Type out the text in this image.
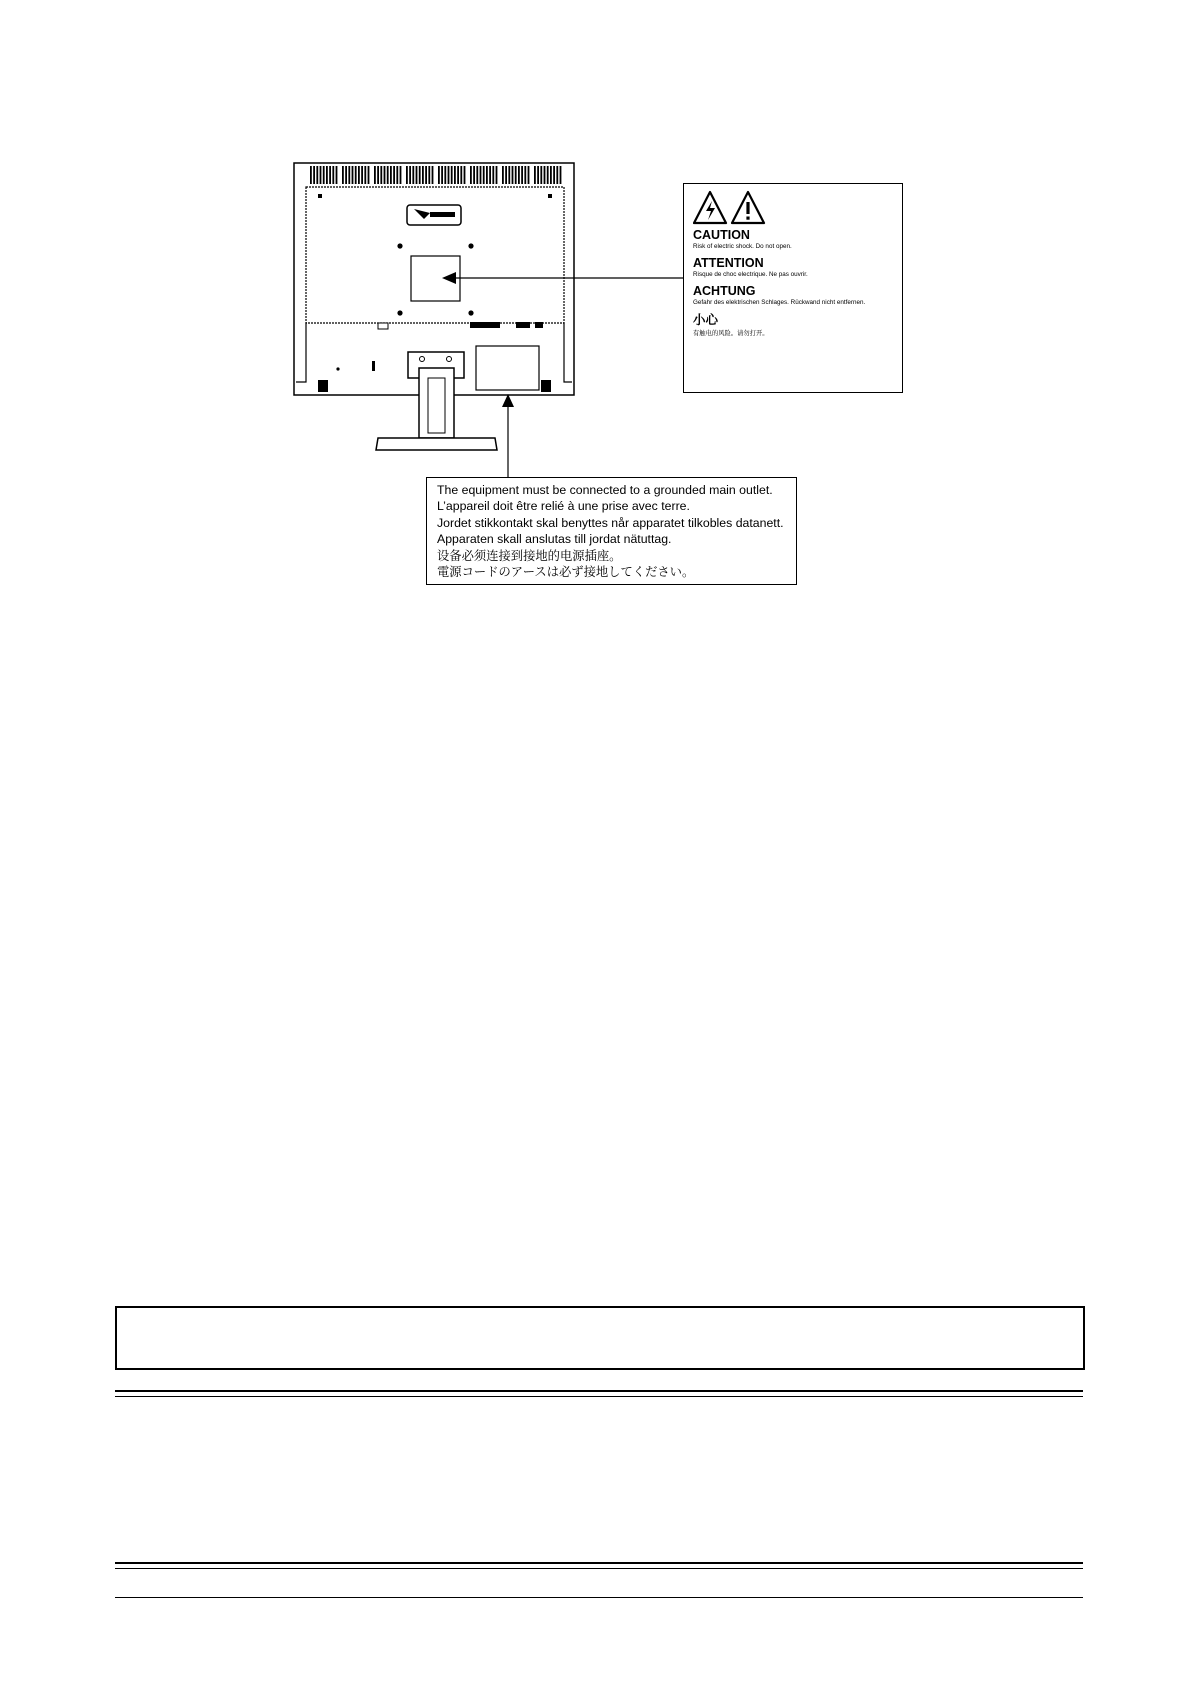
CAUTION
Risk of electric shock. Do not open.
ATTENTION
Risque de choc electrique. Ne pas ouvrir.
ACHTUNG
Gefahr des elektrischen Schlages. Rückwand nicht entfernen.
小心
有触电的风险。请勿打开。
The equipment must be connected to a grounded main outlet.
L’appareil doit être relié à une prise avec terre.
Jordet stikkontakt skal benyttes når apparatet tilkobles datanett.
Apparaten skall anslutas till jordat nätuttag.
设备必须连接到接地的电源插座。
電源コードのアースは必ず接地してください。
